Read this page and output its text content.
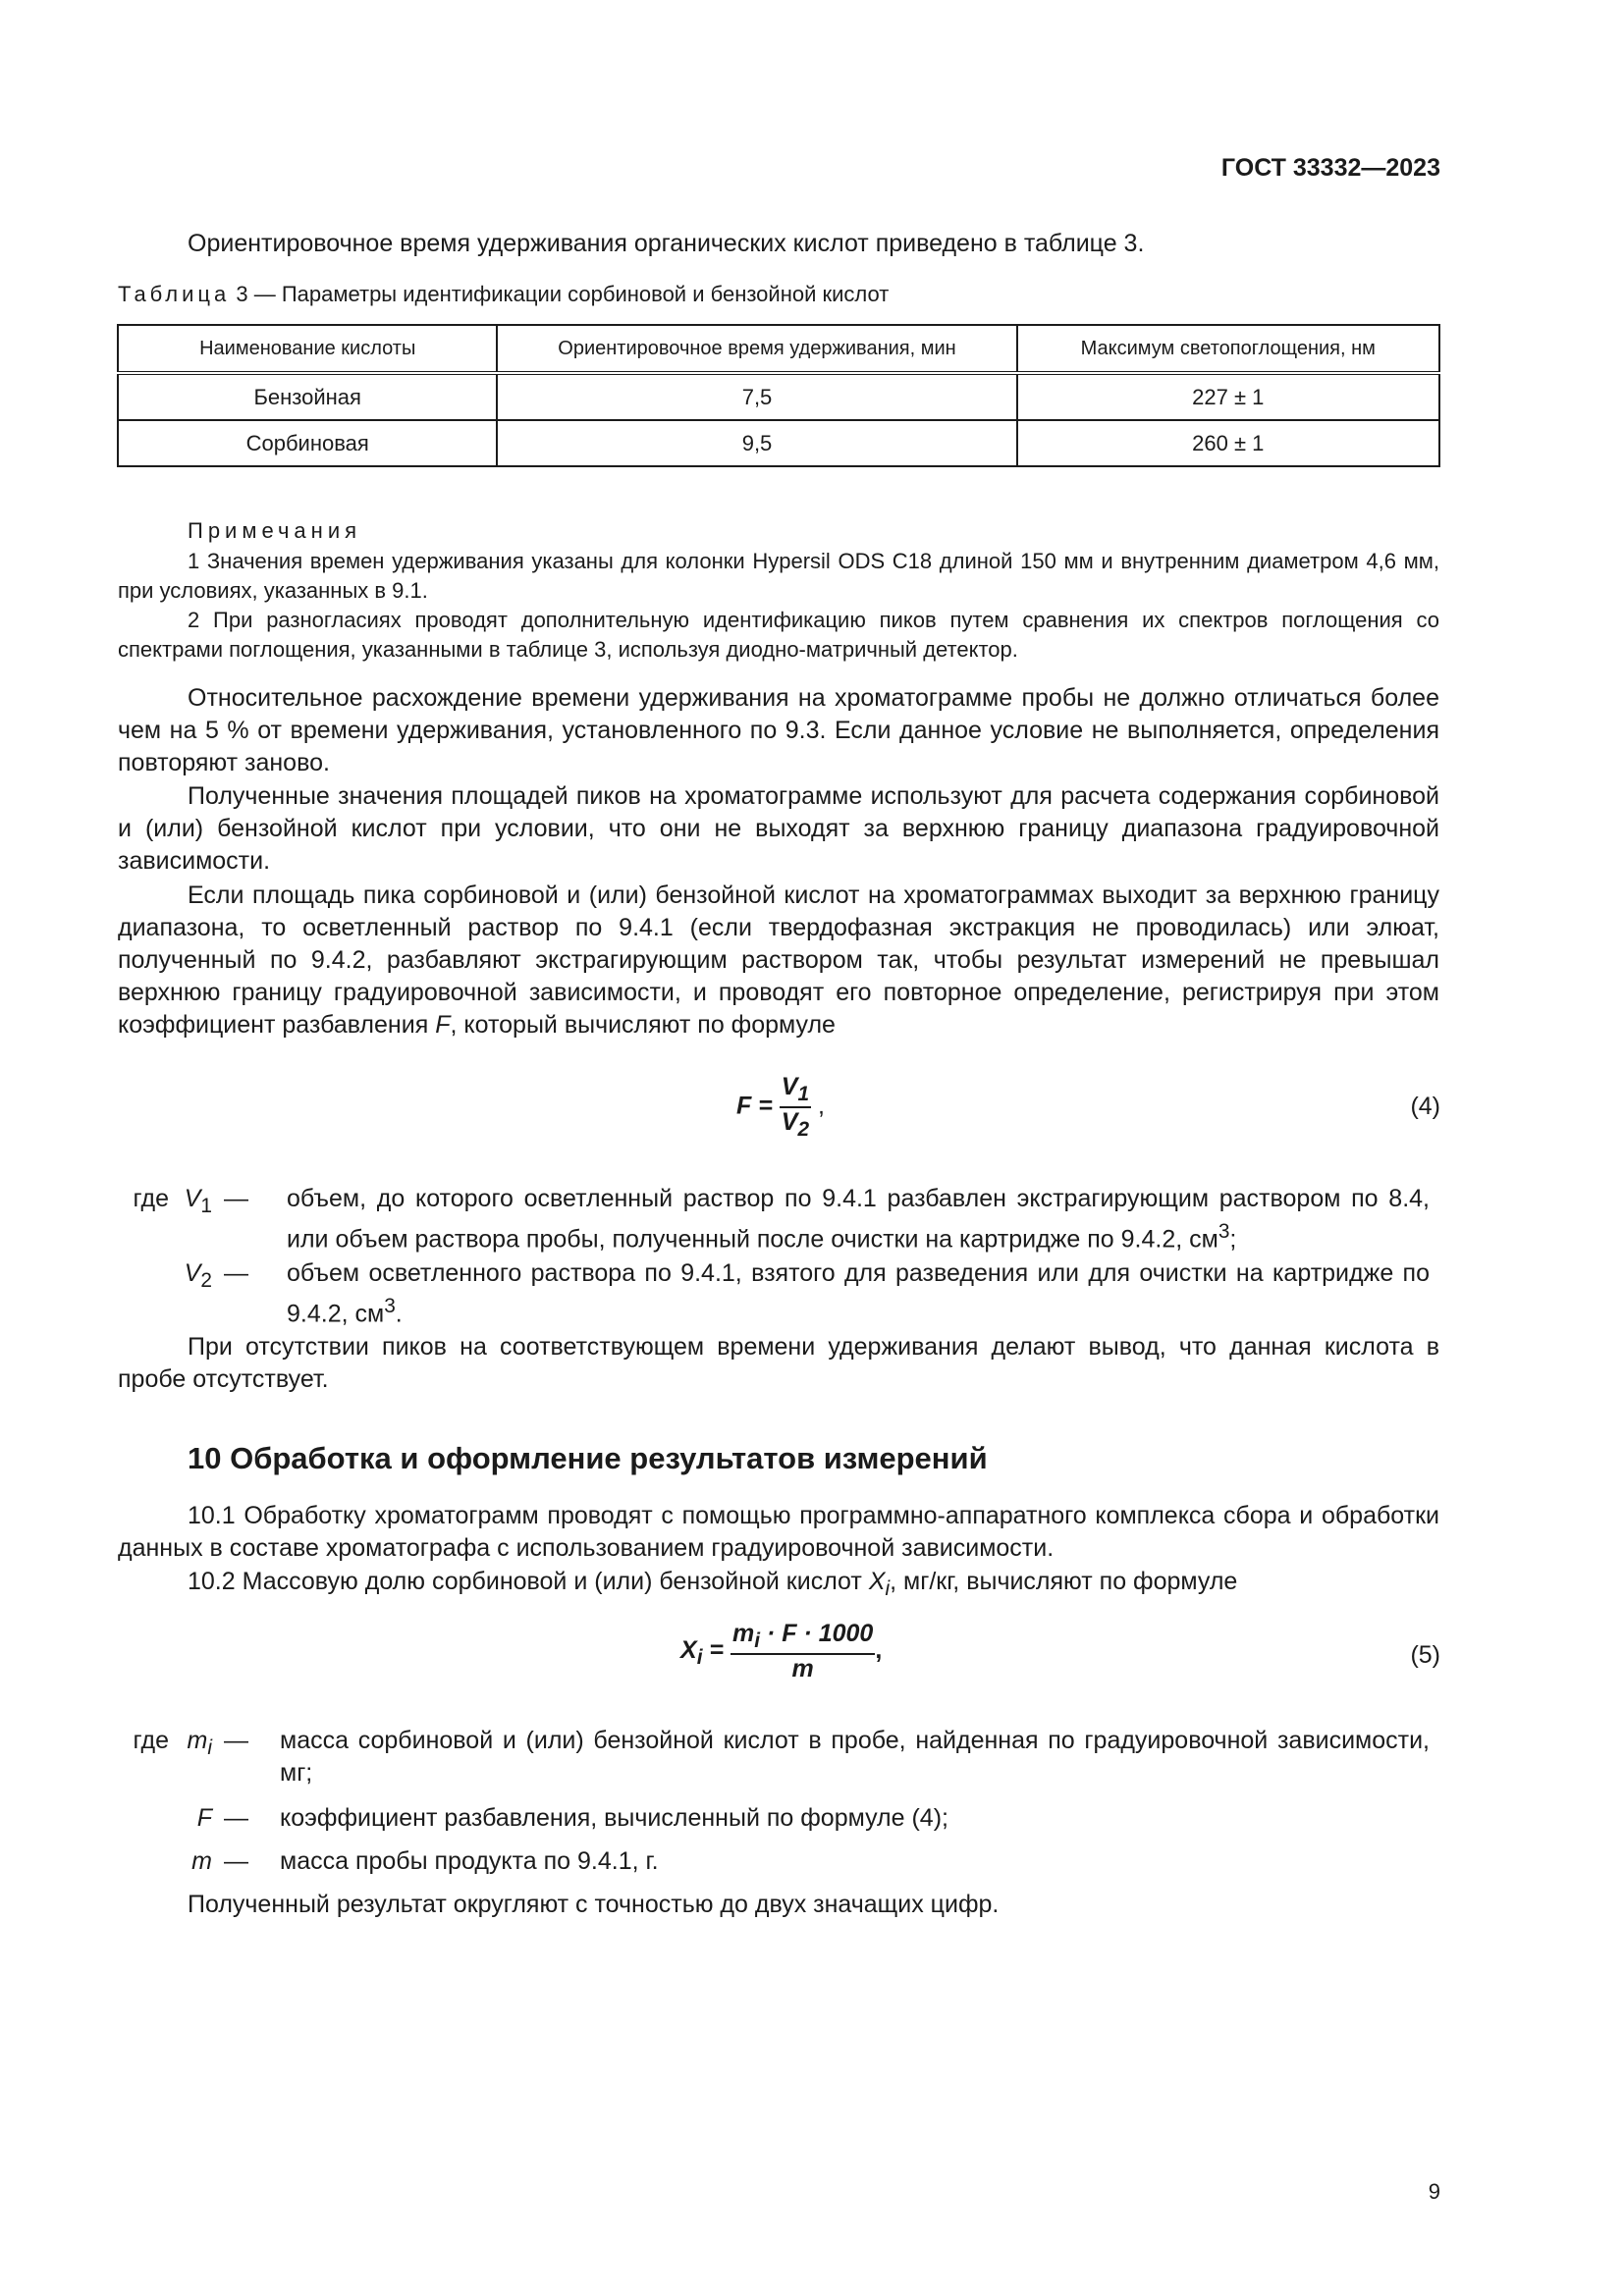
ГОСТ 33332—2023

Ориентировочное время удерживания органических кислот приведено в таблице 3.

Таблица 3 — Параметры идентификации сорбиновой и бензойной кислот
Наименование кислоты	Ориентировочное время удерживания, мин	Максимум светопоглощения, нм
Бензойная	7,5	227 ± 1
Сорбиновая	9,5	260 ± 1
Примечания

1 Значения времен удерживания указаны для колонки Hypersil ODS C18 длиной 150 мм и внутренним диаметром 4,6 мм, при условиях, указанных в 9.1.

2 При разногласиях проводят дополнительную идентификацию пиков путем сравнения их спектров поглощения со спектрами поглощения, указанными в таблице 3, используя диодно-матричный детектор.

Относительное расхождение времени удерживания на хроматограмме пробы не должно отличаться более чем на 5 % от времени удерживания, установленного по 9.3. Если данное условие не выполняется, определения повторяют заново.

Полученные значения площадей пиков на хроматограмме используют для расчета содержания сорбиновой и (или) бензойной кислот при условии, что они не выходят за верхнюю границу диапазона градуировочной зависимости.

Если площадь пика сорбиновой и (или) бензойной кислот на хроматограммах выходит за верхнюю границу диапазона, то осветленный раствор по 9.4.1 (если твердофазная экстракция не проводилась) или элюат, полученный по 9.4.2, разбавляют экстрагирующим раствором так, чтобы результат измерений не превышал верхнюю границу градуировочной зависимости, и проводят его повторное определение, регистрируя при этом коэффициент разбавления F, который вычисляют по формуле

$F = \frac{V_1}{V_2}$ ,	(4)
где $V_1$ — объем, до которого осветленный раствор по 9.4.1 разбавлен экстрагирующим раствором по 8.4, или объем раствора пробы, полученный после очистки на картридже по 9.4.2, $см^3$;
$V_2$ — объем осветленного раствора по 9.4.1, взятого для разведения или для очистки на картридже по 9.4.2, $см^3$.

При отсутствии пиков на соответствующем времени удерживания делают вывод, что данная кислота в пробе отсутствует.

10 Обработка и оформление результатов измерений

10.1 Обработку хроматограмм проводят с помощью программно-аппаратного комплекса сбора и обработки данных в составе хроматографа с использованием градуировочной зависимости.

10.2 Массовую долю сорбиновой и (или) бензойной кислот $X_i$, мг/кг, вычисляют по формуле

$X_i = \frac{m_i \cdot F \cdot 1000}{m}$ ,	(5)
где $m_i$ — масса сорбиновой и (или) бензойной кислот в пробе, найденная по градуировочной зависимости, мг;
F — коэффициент разбавления, вычисленный по формуле (4);
m — масса пробы продукта по 9.4.1, г.

Полученный результат округляют с точностью до двух значащих цифр.

9
